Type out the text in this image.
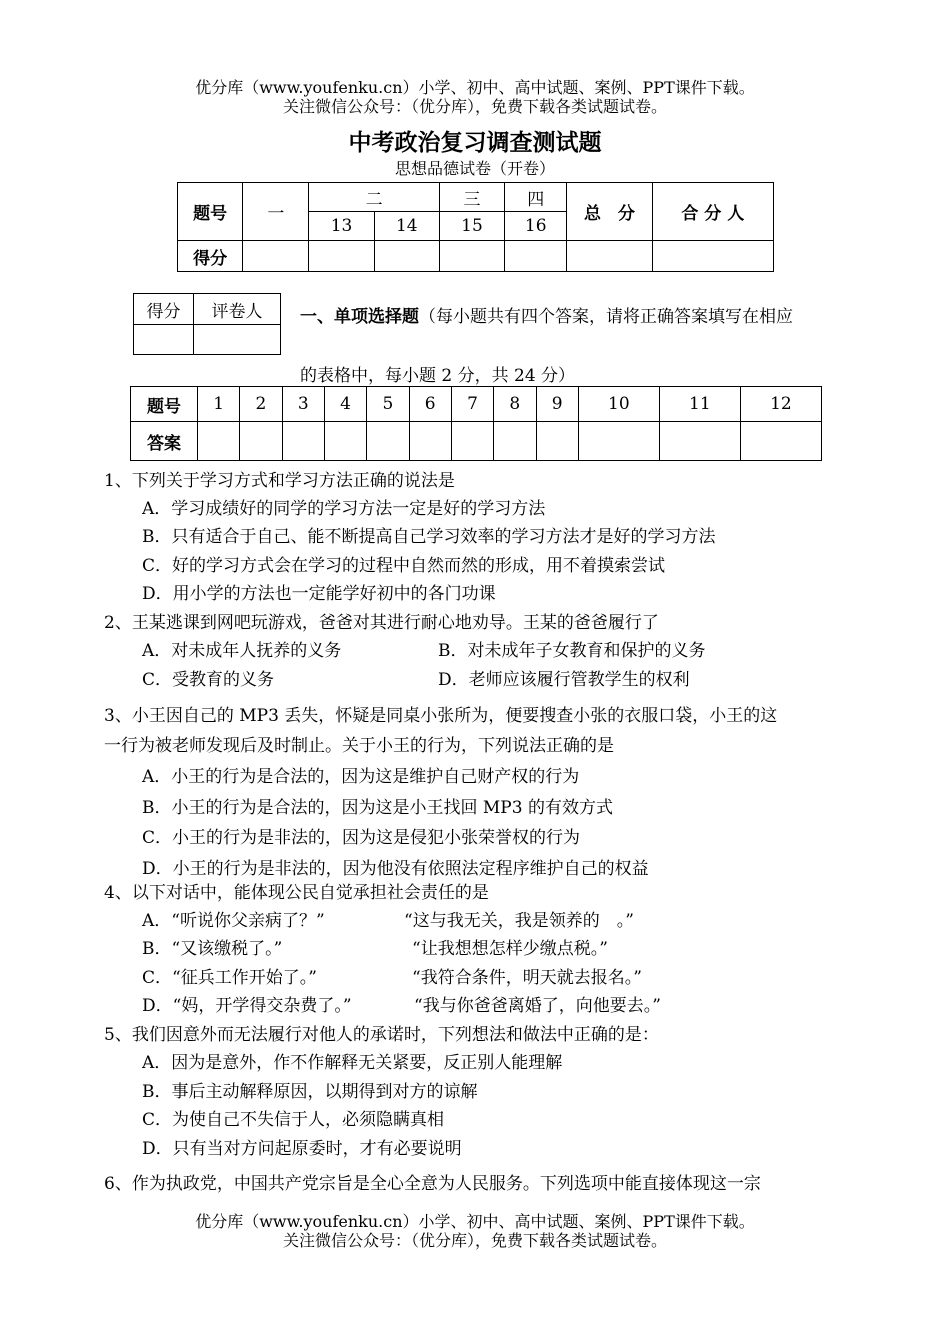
优分库（www.youfenku.cn）小学、初中、高中试题、案例、PPT课件下载。
关注微信公众号：（优分库），免费下载各类试题试卷。
中考政治复习调查测试题
思想品德试卷（开卷）
题号	一	二		三	四	总　分	合 分 人
		13	14	15	16		
得分							
得分	评卷人
	一、单项选择题（每小题共有四个答案，请将正确答案填写在相应
的表格中，每小题 2 分，共 24 分）
题号	1	2	3	4	5	6	7	8	9	10	11	12
答案												
1、下列关于学习方式和学习方法正确的说法是
A．学习成绩好的同学的学习方法一定是好的学习方法
B．只有适合于自己、能不断提高自己学习效率的学习方法才是好的学习方法
C．好的学习方式会在学习的过程中自然而然的形成，用不着摸索尝试
D．用小学的方法也一定能学好初中的各门功课
2、王某逃课到网吧玩游戏，爸爸对其进行耐心地劝导。王某的爸爸履行了
A．对未成年人抚养的义务	B．对未成年子女教育和保护的义务
C．受教育的义务	D．老师应该履行管教学生的权利
3、小王因自己的 MP3 丢失，怀疑是同桌小张所为，便要搜查小张的衣服口袋，小王的这
一行为被老师发现后及时制止。关于小王的行为，下列说法正确的是
A．小王的行为是合法的，因为这是维护自己财产权的行为
B．小王的行为是合法的，因为这是小王找回 MP3 的有效方式
C．小王的行为是非法的，因为这是侵犯小张荣誉权的行为
D．小王的行为是非法的，因为他没有依照法定程序维护自己的权益
4、以下对话中，能体现公民自觉承担社会责任的是
A．“听说你父亲病了？”	“这与我无关，我是领养的　。”
B．“又该缴税了。”	“让我想想怎样少缴点税。”
C．“征兵工作开始了。”	“我符合条件，明天就去报名。”
D．“妈，开学得交杂费了。”	“我与你爸爸离婚了，向他要去。”
5、我们因意外而无法履行对他人的承诺时，下列想法和做法中正确的是：
A．因为是意外，作不作解释无关紧要，反正别人能理解
B．事后主动解释原因，以期得到对方的谅解
C．为使自己不失信于人，必须隐瞒真相
D．只有当对方问起原委时，才有必要说明
6、作为执政党，中国共产党宗旨是全心全意为人民服务。下列选项中能直接体现这一宗
优分库（www.youfenku.cn）小学、初中、高中试题、案例、PPT课件下载。
关注微信公众号：（优分库），免费下载各类试题试卷。
